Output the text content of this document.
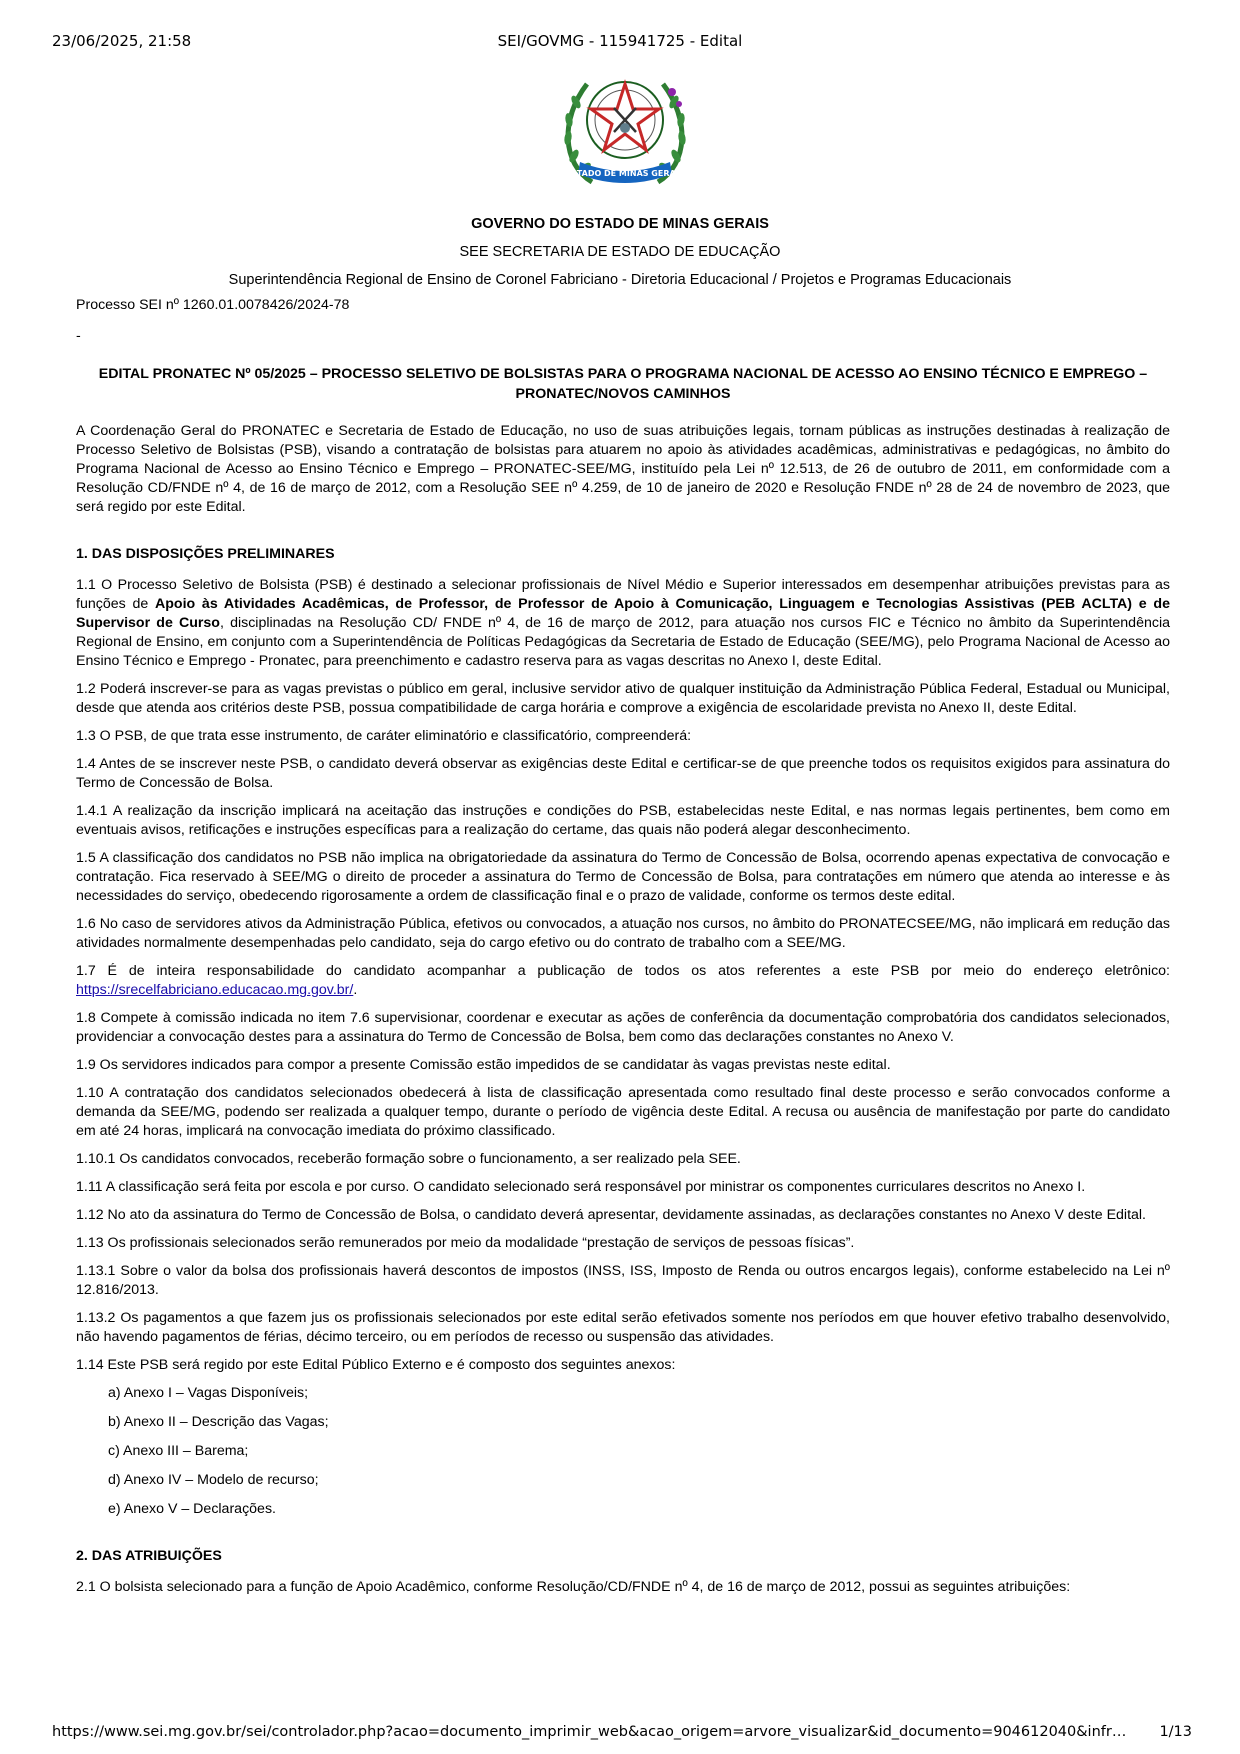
23/06/2025, 21:58	SEI/GOVMG - 115941725 - Edital
ESTADO DE MINAS GERAIS
GOVERNO DO ESTADO DE MINAS GERAIS
SEE SECRETARIA DE ESTADO DE EDUCAÇÃO
Superintendência Regional de Ensino de Coronel Fabriciano - Diretoria Educacional / Projetos e Programas Educacionais

Processo SEI nº 1260.01.0078426/2024-78

-

EDITAL PRONATEC Nº 05/2025 – PROCESSO SELETIVO DE BOLSISTAS PARA O PROGRAMA NACIONAL DE ACESSO AO ENSINO TÉCNICO E EMPREGO – PRONATEC/NOVOS CAMINHOS

A Coordenação Geral do PRONATEC e Secretaria de Estado de Educação, no uso de suas atribuições legais, tornam públicas as instruções destinadas à realização de Processo Seletivo de Bolsistas (PSB), visando a contratação de bolsistas para atuarem no apoio às atividades acadêmicas, administrativas e pedagógicas, no âmbito do Programa Nacional de Acesso ao Ensino Técnico e Emprego – PRONATEC-SEE/MG, instituído pela Lei nº 12.513, de 26 de outubro de 2011, em conformidade com a Resolução CD/FNDE nº 4, de 16 de março de 2012, com a Resolução SEE nº 4.259, de 10 de janeiro de 2020 e Resolução FNDE nº 28 de 24 de novembro de 2023, que será regido por este Edital.

1. DAS DISPOSIÇÕES PRELIMINARES

1.1 O Processo Seletivo de Bolsista (PSB) é destinado a selecionar profissionais de Nível Médio e Superior interessados em desempenhar atribuições previstas para as funções de Apoio às Atividades Acadêmicas, de Professor, de Professor de Apoio à Comunicação, Linguagem e Tecnologias Assistivas (PEB ACLTA) e de Supervisor de Curso, disciplinadas na Resolução CD/ FNDE nº 4, de 16 de março de 2012, para atuação nos cursos FIC e Técnico no âmbito da Superintendência Regional de Ensino, em conjunto com a Superintendência de Políticas Pedagógicas da Secretaria de Estado de Educação (SEE/MG), pelo Programa Nacional de Acesso ao Ensino Técnico e Emprego - Pronatec, para preenchimento e cadastro reserva para as vagas descritas no Anexo I, deste Edital.

1.2 Poderá inscrever-se para as vagas previstas o público em geral, inclusive servidor ativo de qualquer instituição da Administração Pública Federal, Estadual ou Municipal, desde que atenda aos critérios deste PSB, possua compatibilidade de carga horária e comprove a exigência de escolaridade prevista no Anexo II, deste Edital.

1.3 O PSB, de que trata esse instrumento, de caráter eliminatório e classificatório, compreenderá:

1.4 Antes de se inscrever neste PSB, o candidato deverá observar as exigências deste Edital e certificar-se de que preenche todos os requisitos exigidos para assinatura do Termo de Concessão de Bolsa.

1.4.1 A realização da inscrição implicará na aceitação das instruções e condições do PSB, estabelecidas neste Edital, e nas normas legais pertinentes, bem como em eventuais avisos, retificações e instruções específicas para a realização do certame, das quais não poderá alegar desconhecimento.

1.5 A classificação dos candidatos no PSB não implica na obrigatoriedade da assinatura do Termo de Concessão de Bolsa, ocorrendo apenas expectativa de convocação e contratação. Fica reservado à SEE/MG o direito de proceder a assinatura do Termo de Concessão de Bolsa, para contratações em número que atenda ao interesse e às necessidades do serviço, obedecendo rigorosamente a ordem de classificação final e o prazo de validade, conforme os termos deste edital.

1.6 No caso de servidores ativos da Administração Pública, efetivos ou convocados, a atuação nos cursos, no âmbito do PRONATECSEE/MG, não implicará em redução das atividades normalmente desempenhadas pelo candidato, seja do cargo efetivo ou do contrato de trabalho com a SEE/MG.

1.7 É de inteira responsabilidade do candidato acompanhar a publicação de todos os atos referentes a este PSB por meio do endereço eletrônico: https://srecelfabriciano.educacao.mg.gov.br/.

1.8 Compete à comissão indicada no item 7.6 supervisionar, coordenar e executar as ações de conferência da documentação comprobatória dos candidatos selecionados, providenciar a convocação destes para a assinatura do Termo de Concessão de Bolsa, bem como das declarações constantes no Anexo V.

1.9 Os servidores indicados para compor a presente Comissão estão impedidos de se candidatar às vagas previstas neste edital.

1.10 A contratação dos candidatos selecionados obedecerá à lista de classificação apresentada como resultado final deste processo e serão convocados conforme a demanda da SEE/MG, podendo ser realizada a qualquer tempo, durante o período de vigência deste Edital. A recusa ou ausência de manifestação por parte do candidato em até 24 horas, implicará na convocação imediata do próximo classificado.

1.10.1 Os candidatos convocados, receberão formação sobre o funcionamento, a ser realizado pela SEE.

1.11 A classificação será feita por escola e por curso. O candidato selecionado será responsável por ministrar os componentes curriculares descritos no Anexo I.

1.12 No ato da assinatura do Termo de Concessão de Bolsa, o candidato deverá apresentar, devidamente assinadas, as declarações constantes no Anexo V deste Edital.

1.13 Os profissionais selecionados serão remunerados por meio da modalidade “prestação de serviços de pessoas físicas”.

1.13.1 Sobre o valor da bolsa dos profissionais haverá descontos de impostos (INSS, ISS, Imposto de Renda ou outros encargos legais), conforme estabelecido na Lei nº 12.816/2013.

1.13.2 Os pagamentos a que fazem jus os profissionais selecionados por este edital serão efetivados somente nos períodos em que houver efetivo trabalho desenvolvido, não havendo pagamentos de férias, décimo terceiro, ou em períodos de recesso ou suspensão das atividades.

1.14 Este PSB será regido por este Edital Público Externo e é composto dos seguintes anexos:

a) Anexo I – Vagas Disponíveis;

b) Anexo II – Descrição das Vagas;

c) Anexo III – Barema;

d) Anexo IV – Modelo de recurso;

e) Anexo V – Declarações.

2. DAS ATRIBUIÇÕES

2.1 O bolsista selecionado para a função de Apoio Acadêmico, conforme Resolução/CD/FNDE nº 4, de 16 de março de 2012, possui as seguintes atribuições:

https://www.sei.mg.gov.br/sei/controlador.php?acao=documento_imprimir_web&acao_origem=arvore_visualizar&id_documento=904612040&infr…	1/13
